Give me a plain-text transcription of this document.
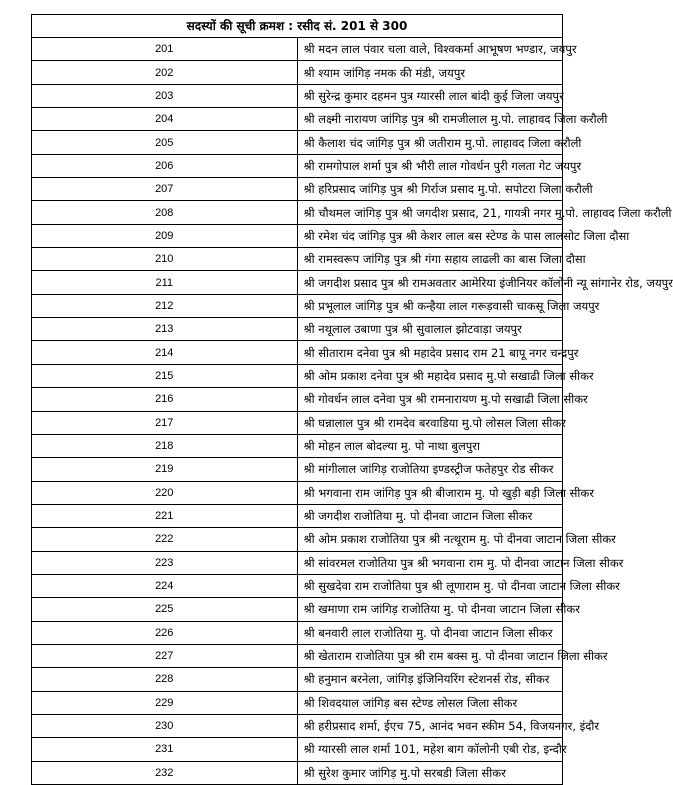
सदस्यों की सूची क्रमश : रसीद सं. 201 से 300	
201	श्री मदन लाल पंवार चला वाले, विश्वकर्मा आभूषण भण्डार, जयपुर
202	श्री श्याम जांगिड़ नमक की मंडी, जयपुर
203	श्री सुरेन्द्र कुमार दहमन पुत्र ग्यारसी लाल बांदी कुई जिला जयपुर
204	श्री लक्ष्मी नारायण जांगिड़ पुत्र श्री रामजीलाल मु.पो. लाहावद जिला करौली
205	श्री कैलाश चंद जांगिड़ पुत्र श्री जतीराम मु.पो. लाहावद जिला करौली
206	श्री रामगोपाल शर्मा पुत्र श्री भौरी लाल गोवर्धन पुरी गलता गेट जयपुर
207	श्री हरिप्रसाद जांगिड़ पुत्र श्री गिर्राज प्रसाद मु.पो. सपोटरा जिला करौली
208	श्री चौथमल जांगिड़ पुत्र श्री जगदीश प्रसाद, 21, गायत्री नगर मु.पो. लाहावद जिला करौली
209	श्री रमेश चंद जांगिड़ पुत्र श्री केशर लाल बस स्टेण्ड के पास लालसोट जिला दौसा
210	श्री रामस्वरूप जांगिड़ पुत्र श्री गंगा सहाय लाढली का बास जिला दौसा
211	श्री जगदीश प्रसाद पुत्र श्री रामअवतार आमेरिया इंजीनियर कॉलोनी न्यू सांगानेर रोड, जयपुर
212	श्री प्रभूलाल जांगिड़ पुत्र श्री कन्हैया लाल गरूड़वासी चाकसू जिला जयपुर
213	श्री नथूलाल उबाणा पुत्र श्री सुवालाल झोटवाड़ा जयपुर
214	श्री सीताराम दनेवा पुत्र श्री महादेव प्रसाद राम 21 बापू नगर चन्द्रपुर
215	श्री ओम प्रकाश दनेवा पुत्र श्री महादेव प्रसाद मु.पो सखाढी जिला सीकर
216	श्री गोवर्धन लाल दनेवा पुत्र श्री रामनारायण मु.पो सखाढी जिला सीकर
217	श्री घन्नालाल पुत्र श्री रामदेव बरवाडिया मु.पो लोसल जिला सीकर
218	श्री मोहन लाल बोदल्या मु. पो नाथा बुलपुरा
219	श्री मांगीलाल जांगिड़ राजोतिया इण्डस्ट्रीज फतेहपुर रोड सीकर
220	श्री भगवाना राम जांगिड़ पुत्र श्री बीजाराम मु. पो खुड़ी बड़ी जिला सीकर
221	श्री जगदीश राजोतिया मु. पो दीनवा जाटान जिला सीकर
222	श्री ओम प्रकाश राजोतिया पुत्र श्री नत्थूराम मु. पो दीनवा जाटान जिला सीकर
223	श्री सांवरमल राजोतिया पुत्र श्री भगवाना राम मु. पो दीनवा जाटान जिला सीकर
224	श्री सुखदेवा राम राजोतिया पुत्र श्री लूणाराम मु. पो दीनवा जाटान जिला सीकर
225	श्री खमाणा राम जांगिड़ राजोतिया मु. पो दीनवा जाटान जिला सीकर
226	श्री बनवारी लाल राजोतिया मु. पो दीनवा जाटान जिला सीकर
227	श्री खेताराम राजोतिया पुत्र श्री राम बक्स मु. पो दीनवा जाटान जिला सीकर
228	श्री हनुमान बरनेला, जांगिड़ इंजिनियरिंग स्टेशनर्स रोड, सीकर
229	श्री शिवदयाल जांगिड़ बस स्टेण्ड लोसल जिला सीकर
230	श्री हरीप्रसाद शर्मा, ईएच 75, आनंद भवन स्कीम 54, विजयनगर, इंदौर
231	श्री ग्यारसी लाल शर्मा 101, महेश बाग कॉलोनी एबी रोड, इन्दौर
232	श्री सुरेश कुमार जांगिड़ मु.पो सरबडी जिला सीकर
